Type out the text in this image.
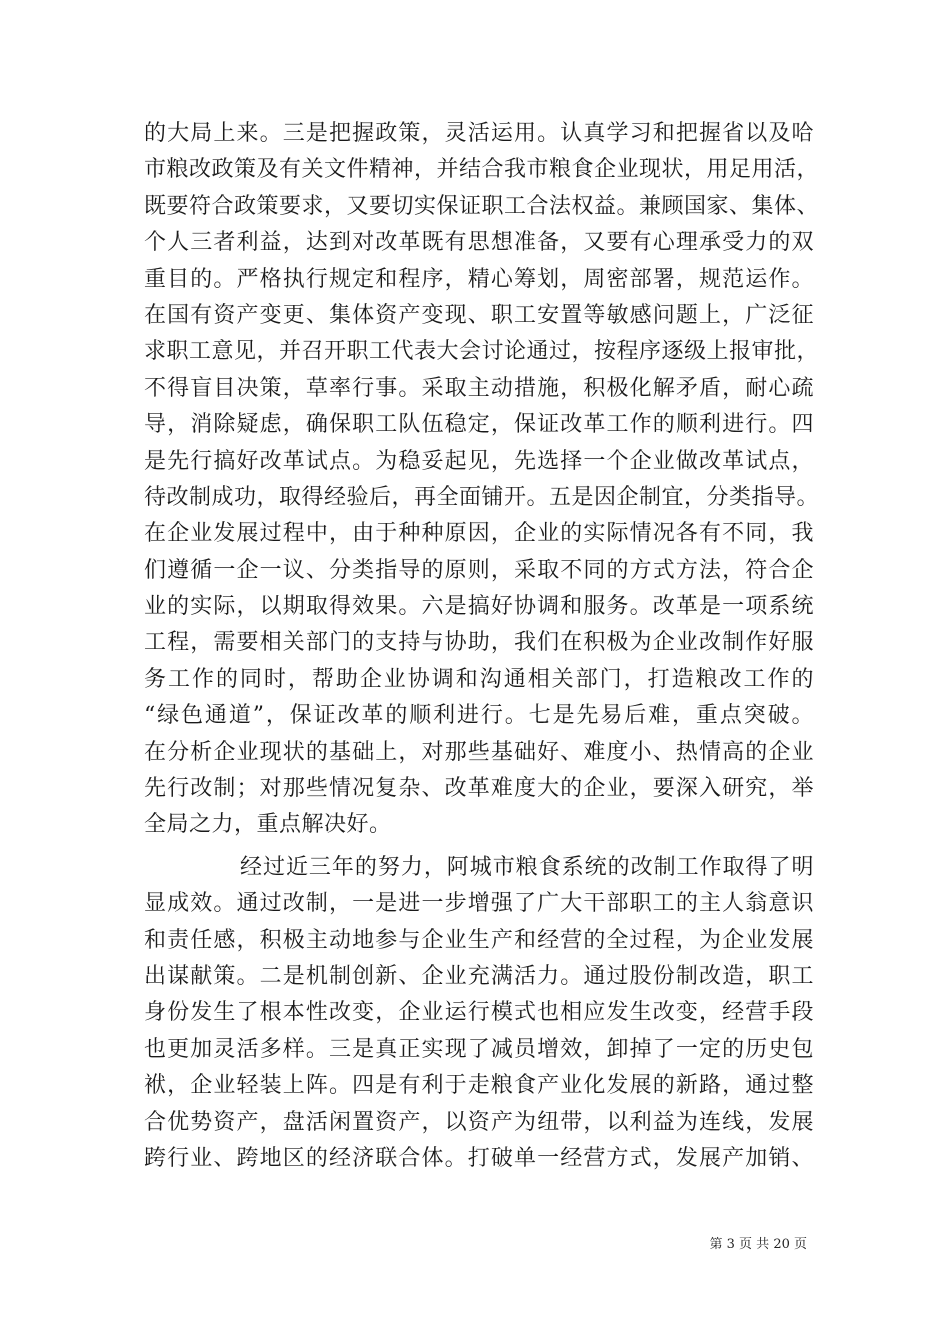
的大局上来。三是把握政策，灵活运用。认真学习和把握省以及哈
市粮改政策及有关文件精神，并结合我市粮食企业现状，用足用活，
既要符合政策要求，又要切实保证职工合法权益。兼顾国家、集体、
个人三者利益，达到对改革既有思想准备，又要有心理承受力的双
重目的。严格执行规定和程序，精心筹划，周密部署，规范运作。
在国有资产变更、集体资产变现、职工安置等敏感问题上，广泛征
求职工意见，并召开职工代表大会讨论通过，按程序逐级上报审批，
不得盲目决策，草率行事。采取主动措施，积极化解矛盾，耐心疏
导，消除疑虑，确保职工队伍稳定，保证改革工作的顺利进行。四
是先行搞好改革试点。为稳妥起见，先选择一个企业做改革试点，
待改制成功，取得经验后，再全面铺开。五是因企制宜，分类指导。
在企业发展过程中，由于种种原因，企业的实际情况各有不同，我
们遵循一企一议、分类指导的原则，采取不同的方式方法，符合企
业的实际，以期取得效果。六是搞好协调和服务。改革是一项系统
工程，需要相关部门的支持与协助，我们在积极为企业改制作好服
务工作的同时，帮助企业协调和沟通相关部门，打造粮改工作的
“绿色通道”，保证改革的顺利进行。七是先易后难，重点突破。
在分析企业现状的基础上，对那些基础好、难度小、热情高的企业
先行改制；对那些情况复杂、改革难度大的企业，要深入研究，举
全局之力，重点解决好。
经过近三年的努力，阿城市粮食系统的改制工作取得了明
显成效。通过改制，一是进一步增强了广大干部职工的主人翁意识
和责任感，积极主动地参与企业生产和经营的全过程，为企业发展
出谋献策。二是机制创新、企业充满活力。通过股份制改造，职工
身份发生了根本性改变，企业运行模式也相应发生改变，经营手段
也更加灵活多样。三是真正实现了减员增效，卸掉了一定的历史包
袱，企业轻装上阵。四是有利于走粮食产业化发展的新路，通过整
合优势资产，盘活闲置资产，以资产为纽带，以利益为连线，发展
跨行业、跨地区的经济联合体。打破单一经营方式，发展产加销、
第 3 页 共 20 页
